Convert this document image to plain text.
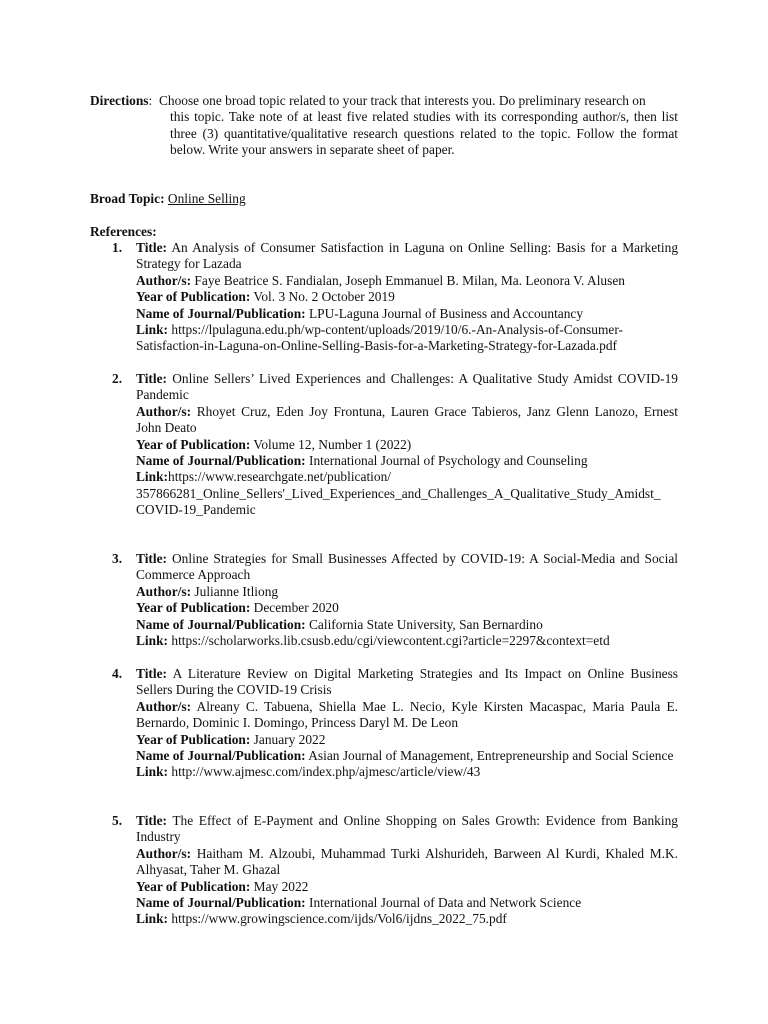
Directions:  Choose one broad topic related to your track that interests you. Do preliminary research on
this topic. Take note of at least five related studies with its corresponding author/s, then list three (3) quantitative/qualitative research questions related to the topic. Follow the format below. Write your answers in separate sheet of paper.
Broad Topic: Online Selling
References:
1. Title: An Analysis of Consumer Satisfaction in Laguna on Online Selling: Basis for a Marketing Strategy for Lazada
Author/s: Faye Beatrice S. Fandialan, Joseph Emmanuel B. Milan, Ma. Leonora V. Alusen
Year of Publication: Vol. 3 No. 2 October 2019
Name of Journal/Publication: LPU-Laguna Journal of Business and Accountancy
Link: https://lpulaguna.edu.ph/wp-content/uploads/2019/10/6.-An-Analysis-of-Consumer-
Satisfaction-in-Laguna-on-Online-Selling-Basis-for-a-Marketing-Strategy-for-Lazada.pdf
2. Title: Online Sellers’ Lived Experiences and Challenges: A Qualitative Study Amidst COVID-19 Pandemic
Author/s: Rhoyet Cruz, Eden Joy Frontuna, Lauren Grace Tabieros, Janz Glenn Lanozo, Ernest John Deato
Year of Publication: Volume 12, Number 1 (2022)
Name of Journal/Publication: International Journal of Psychology and Counseling
Link:https://www.researchgate.net/publication/
357866281_Online_Sellers'_Lived_Experiences_and_Challenges_A_Qualitative_Study_Amidst_
COVID-19_Pandemic
3. Title: Online Strategies for Small Businesses Affected by COVID-19: A Social-Media and Social Commerce Approach
Author/s: Julianne Itliong
Year of Publication: December 2020
Name of Journal/Publication: California State University, San Bernardino
Link: https://scholarworks.lib.csusb.edu/cgi/viewcontent.cgi?article=2297&context=etd
4. Title: A Literature Review on Digital Marketing Strategies and Its Impact on Online Business Sellers During the COVID-19 Crisis
Author/s: Alreany C. Tabuena, Shiella Mae L. Necio, Kyle Kirsten Macaspac, Maria Paula E. Bernardo, Dominic I. Domingo, Princess Daryl M. De Leon
Year of Publication: January 2022
Name of Journal/Publication: Asian Journal of Management, Entrepreneurship and Social Science
Link: http://www.ajmesc.com/index.php/ajmesc/article/view/43
5. Title: The Effect of E-Payment and Online Shopping on Sales Growth: Evidence from Banking Industry
Author/s: Haitham M. Alzoubi, Muhammad Turki Alshurideh, Barween Al Kurdi, Khaled M.K. Alhyasat, Taher M. Ghazal
Year of Publication: May 2022
Name of Journal/Publication: International Journal of Data and Network Science
Link: https://www.growingscience.com/ijds/Vol6/ijdns_2022_75.pdf
